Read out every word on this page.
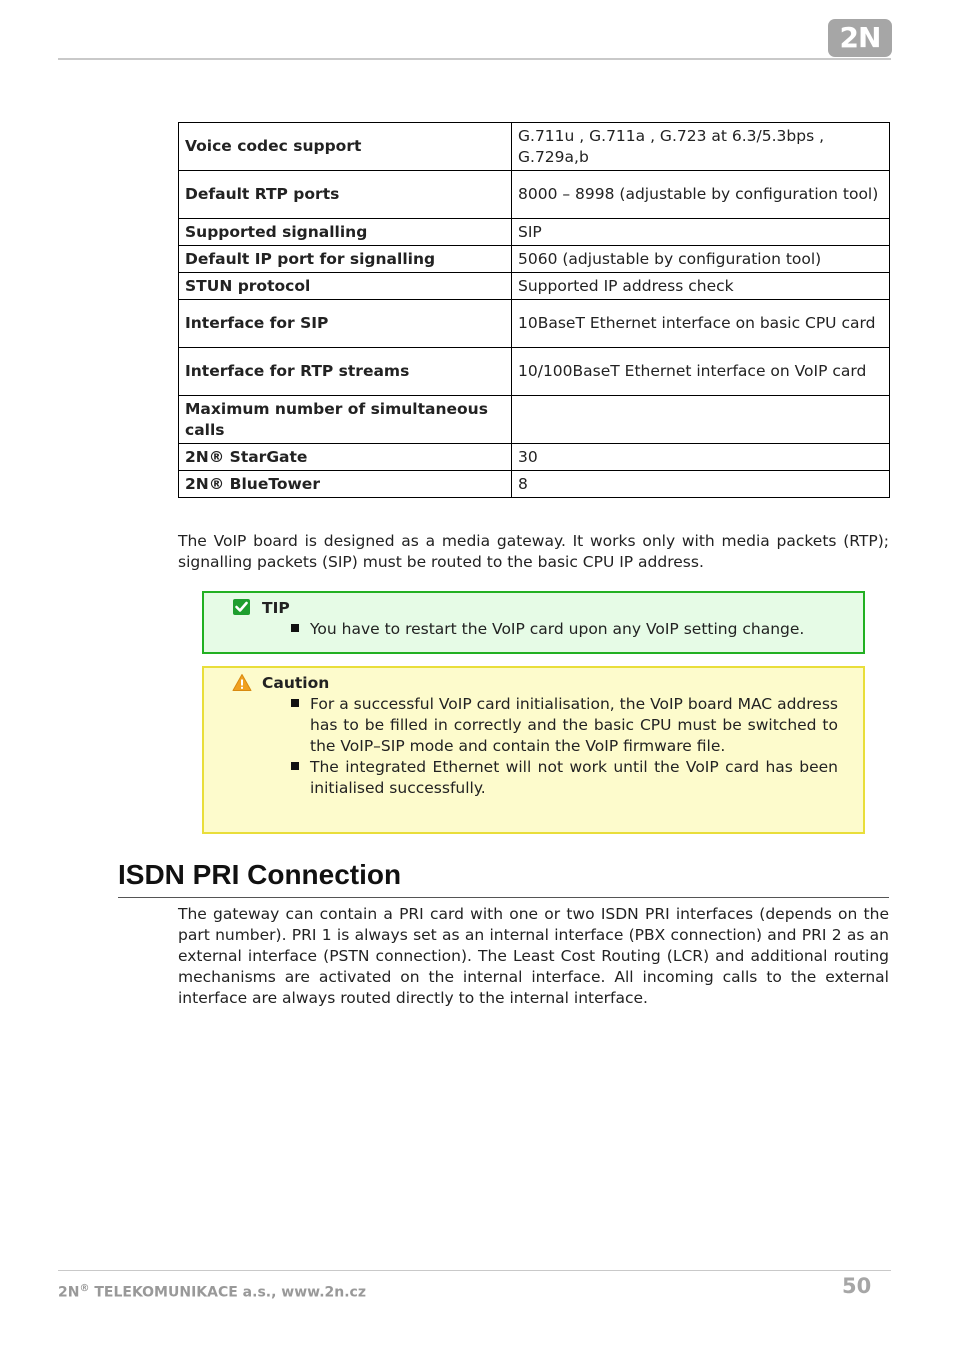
2N
Voice codec support	G.711u , G.711a , G.723 at 6.3/5.3bps , G.729a,b
Default RTP ports	8000 – 8998 (adjustable by configuration tool)
Supported signalling	SIP
Default IP port for signalling	5060 (adjustable by configuration tool)
STUN protocol	Supported IP address check
Interface for SIP	10BaseT Ethernet interface on basic CPU card
Interface for RTP streams	10/100BaseT Ethernet interface on VoIP card
Maximum number of simultaneous calls	
2N® StarGate	30
2N® BlueTower	8
The VoIP board is designed as a media gateway. It works only with media packets (RTP); signalling packets (SIP) must be routed to the basic CPU IP address.
TIP
You have to restart the VoIP card upon any VoIP setting change.
Caution
For a successful VoIP card initialisation, the VoIP board MAC address has to be filled in correctly and the basic CPU must be switched to the VoIP–SIP mode and contain the VoIP firmware file.
The integrated Ethernet will not work until the VoIP card has been initialised successfully.
ISDN PRI Connection
The gateway can contain a PRI card with one or two ISDN PRI interfaces (depends on the part number). PRI 1 is always set as an internal interface (PBX connection) and PRI 2 as an external interface (PSTN connection). The Least Cost Routing (LCR) and additional routing mechanisms are activated on the internal interface. All incoming calls to the external interface are always routed directly to the internal interface.
2N® TELEKOMUNIKACE a.s., www.2n.cz	50
